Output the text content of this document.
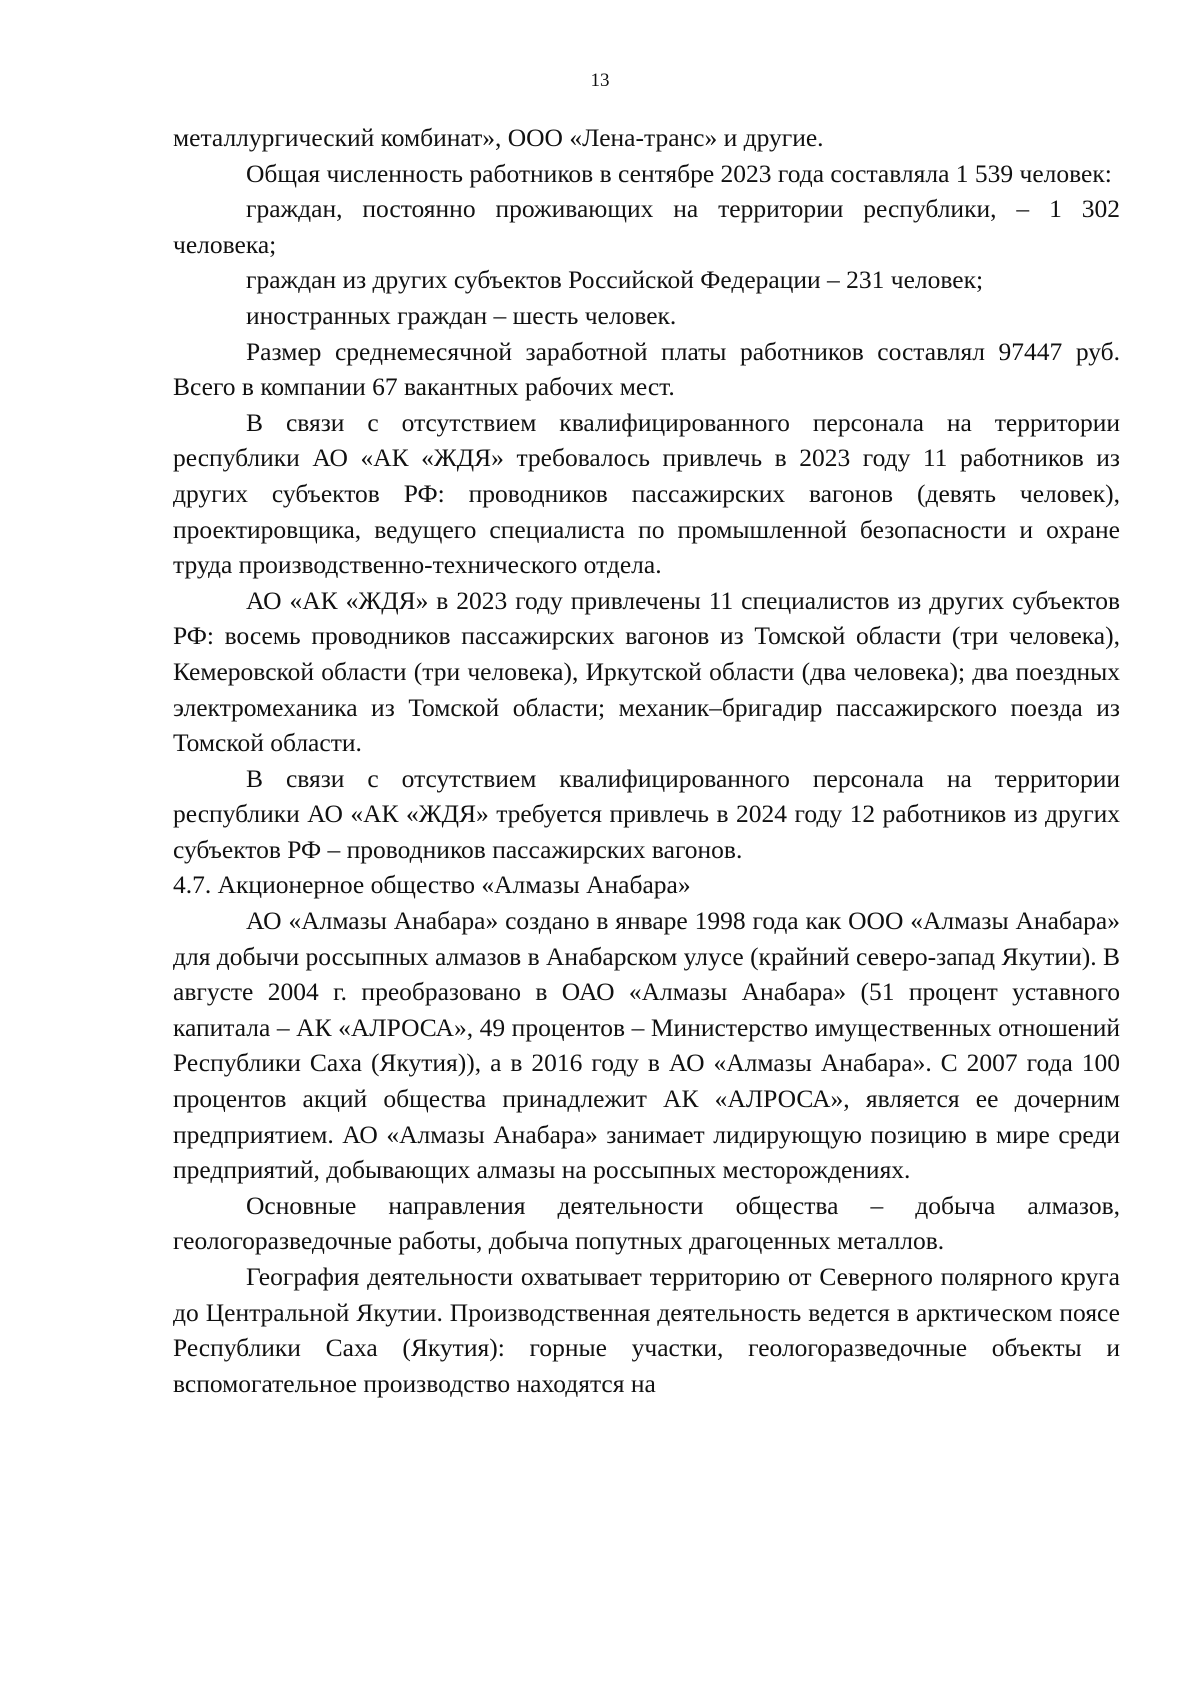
13

металлургический комбинат», ООО «Лена-транс» и другие.

Общая численность работников в сентябре 2023 года составляла 1 539 человек:

граждан, постоянно проживающих на территории республики, – 1 302 человека;

граждан из других субъектов Российской Федерации – 231 человек;

иностранных граждан – шесть человек.

Размер среднемесячной заработной платы работников составлял 97447 руб. Всего в компании 67 вакантных рабочих мест.

В связи с отсутствием квалифицированного персонала на территории республики АО «АК «ЖДЯ» требовалось привлечь в 2023 году 11 работников из других субъектов РФ: проводников пассажирских вагонов (девять человек), проектировщика, ведущего специалиста по промышленной безопасности и охране труда производственно-технического отдела.

АО «АК «ЖДЯ» в 2023 году привлечены 11 специалистов из других субъектов РФ: восемь проводников пассажирских вагонов из Томской области (три человека), Кемеровской области (три человека), Иркутской области (два человека); два поездных электромеханика из Томской области; механик–бригадир пассажирского поезда из Томской области.

В связи с отсутствием квалифицированного персонала на территории республики АО «АК «ЖДЯ» требуется привлечь в 2024 году 12 работников из других субъектов РФ – проводников пассажирских вагонов.

4.7. Акционерное общество «Алмазы Анабара»

АО «Алмазы Анабара» создано в январе 1998 года как ООО «Алмазы Анабара» для добычи россыпных алмазов в Анабарском улусе (крайний северо-запад Якутии). В августе 2004 г. преобразовано в ОАО «Алмазы Анабара» (51 процент уставного капитала – АК «АЛРОСА», 49 процентов – Министерство имущественных отношений Республики Саха (Якутия)), а в 2016 году в АО «Алмазы Анабара». С 2007 года 100 процентов акций общества принадлежит АК «АЛРОСА», является ее дочерним предприятием. АО «Алмазы Анабара» занимает лидирующую позицию в мире среди предприятий, добывающих алмазы на россыпных месторождениях.

Основные направления деятельности общества – добыча алмазов, геологоразведочные работы, добыча попутных драгоценных металлов.

География деятельности охватывает территорию от Северного полярного круга до Центральной Якутии. Производственная деятельность ведется в арктическом поясе Республики Саха (Якутия): горные участки, геологоразведочные объекты и вспомогательное производство находятся на
